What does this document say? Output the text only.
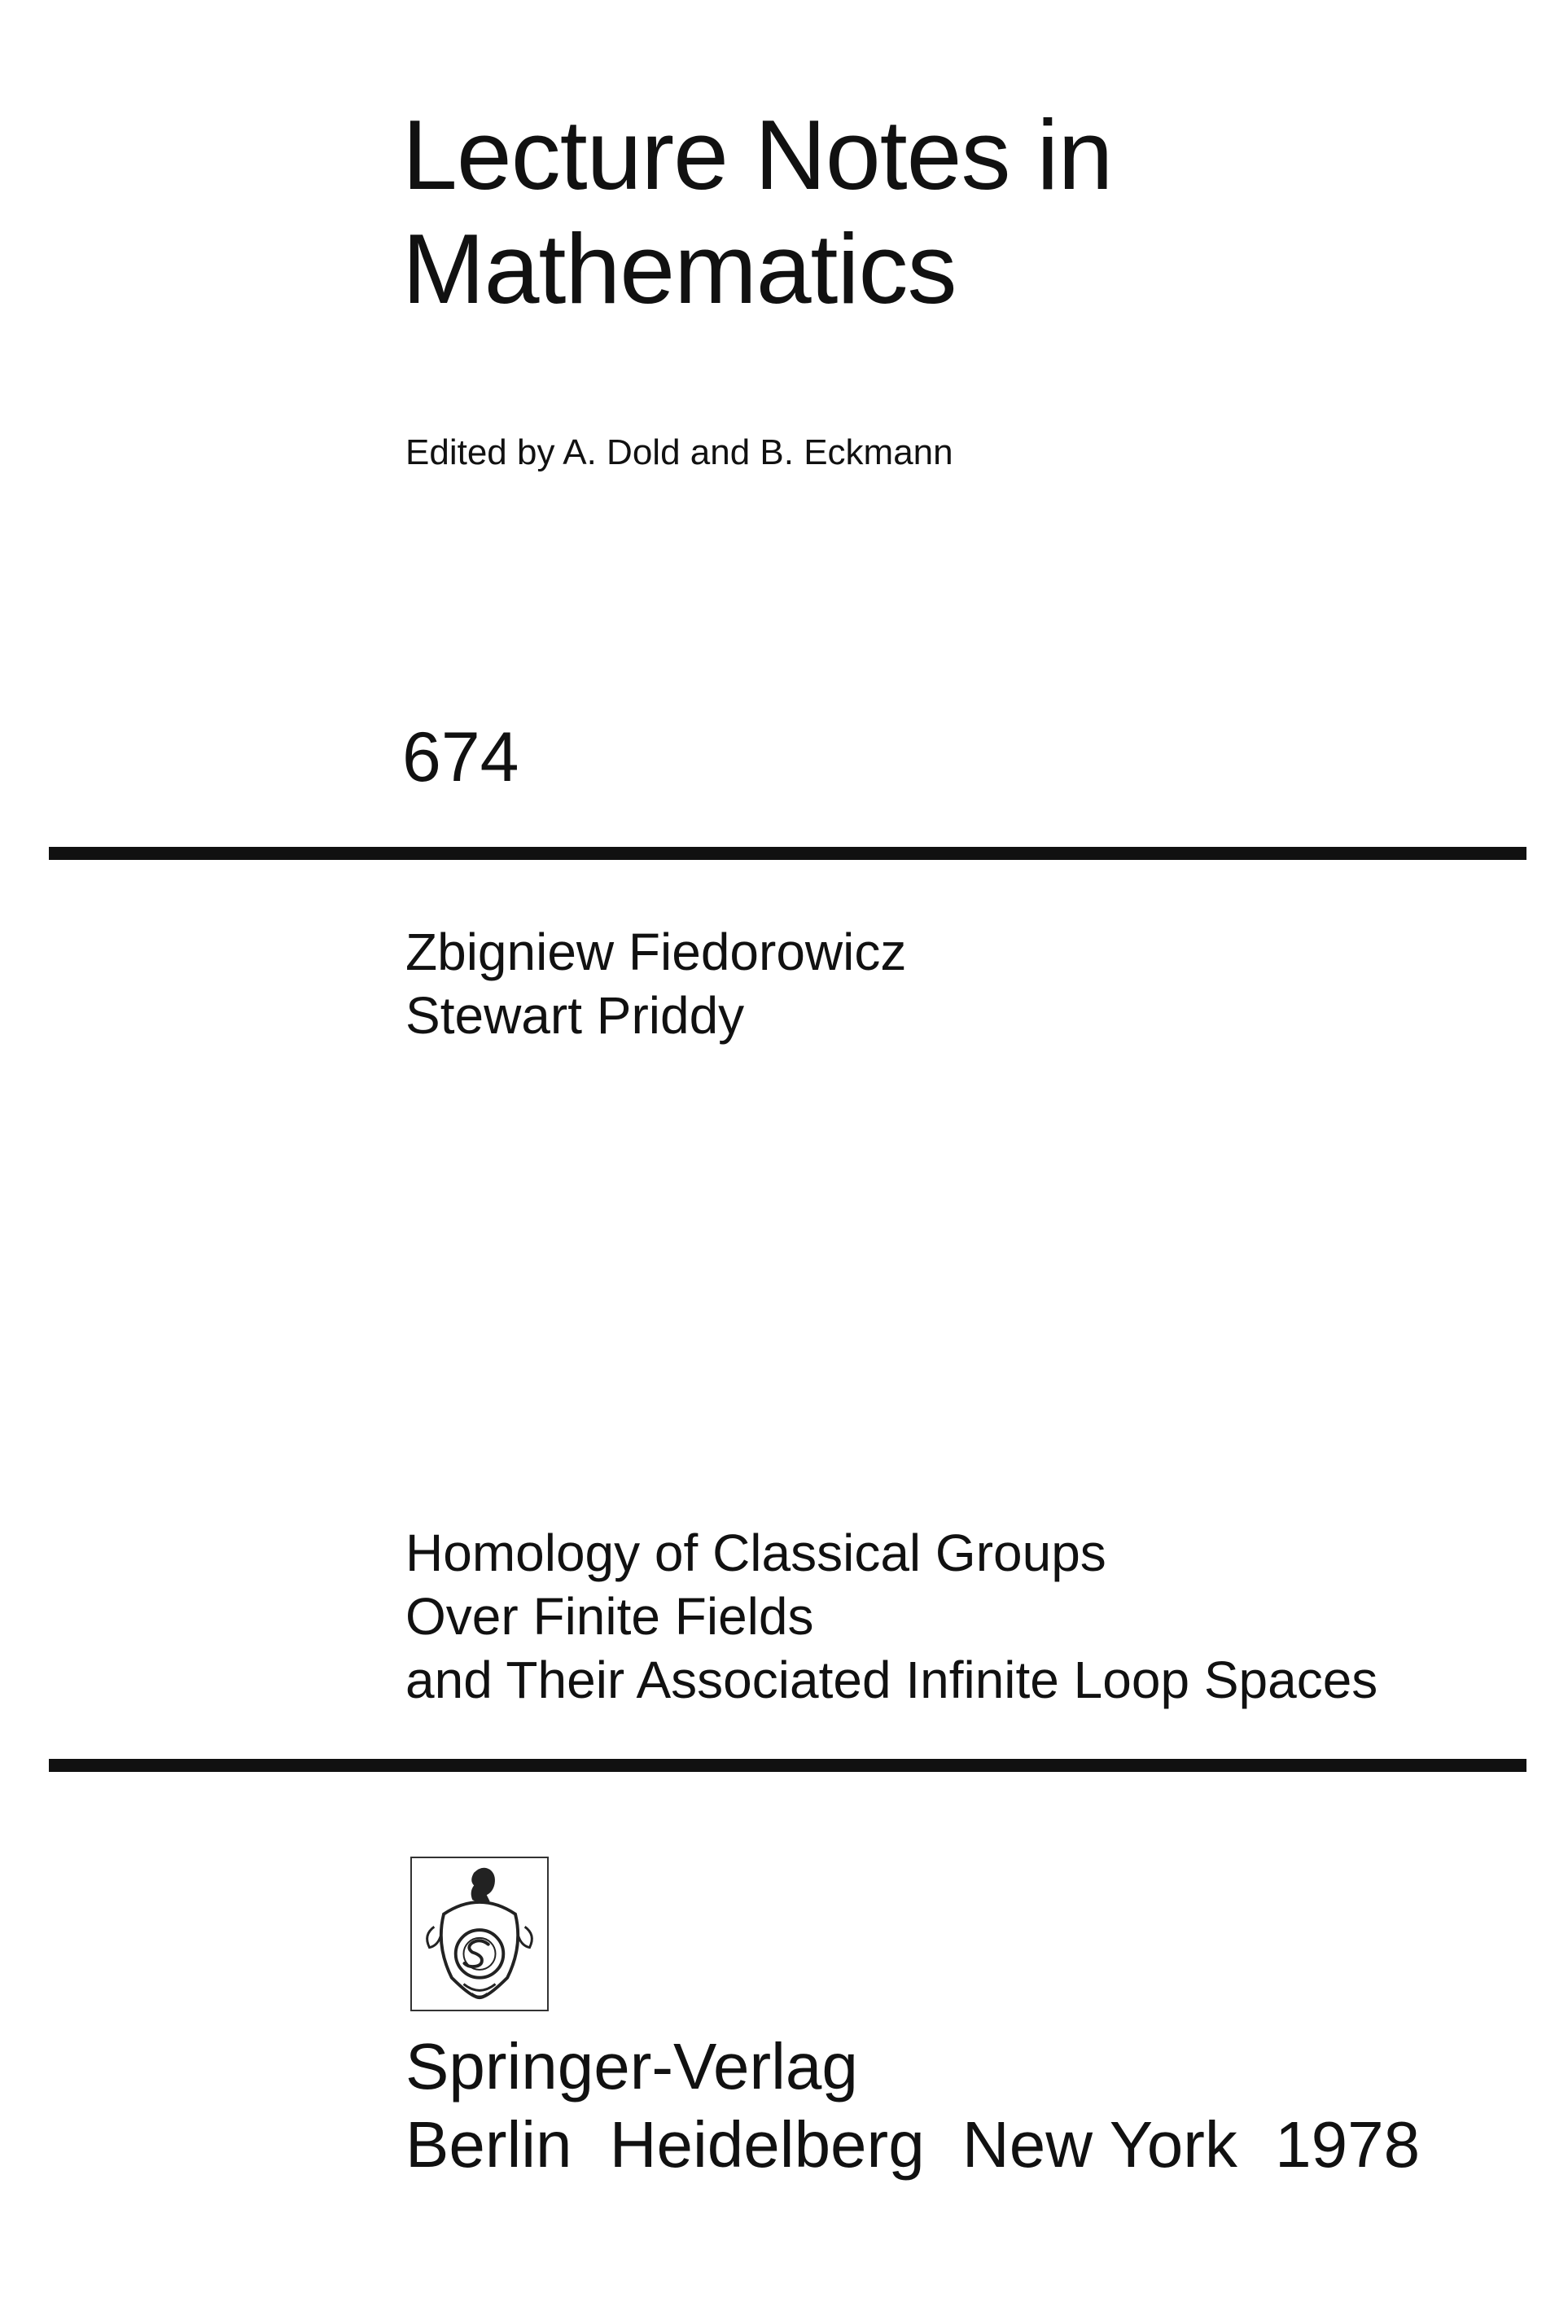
Lecture Notes in
Mathematics
Edited by A. Dold and B. Eckmann
674
Zbigniew Fiedorowicz
Stewart Priddy
Homology of Classical Groups
Over Finite Fields
and Their Associated Infinite Loop Spaces
Springer-Verlag
Berlin Heidelberg New York 1978
